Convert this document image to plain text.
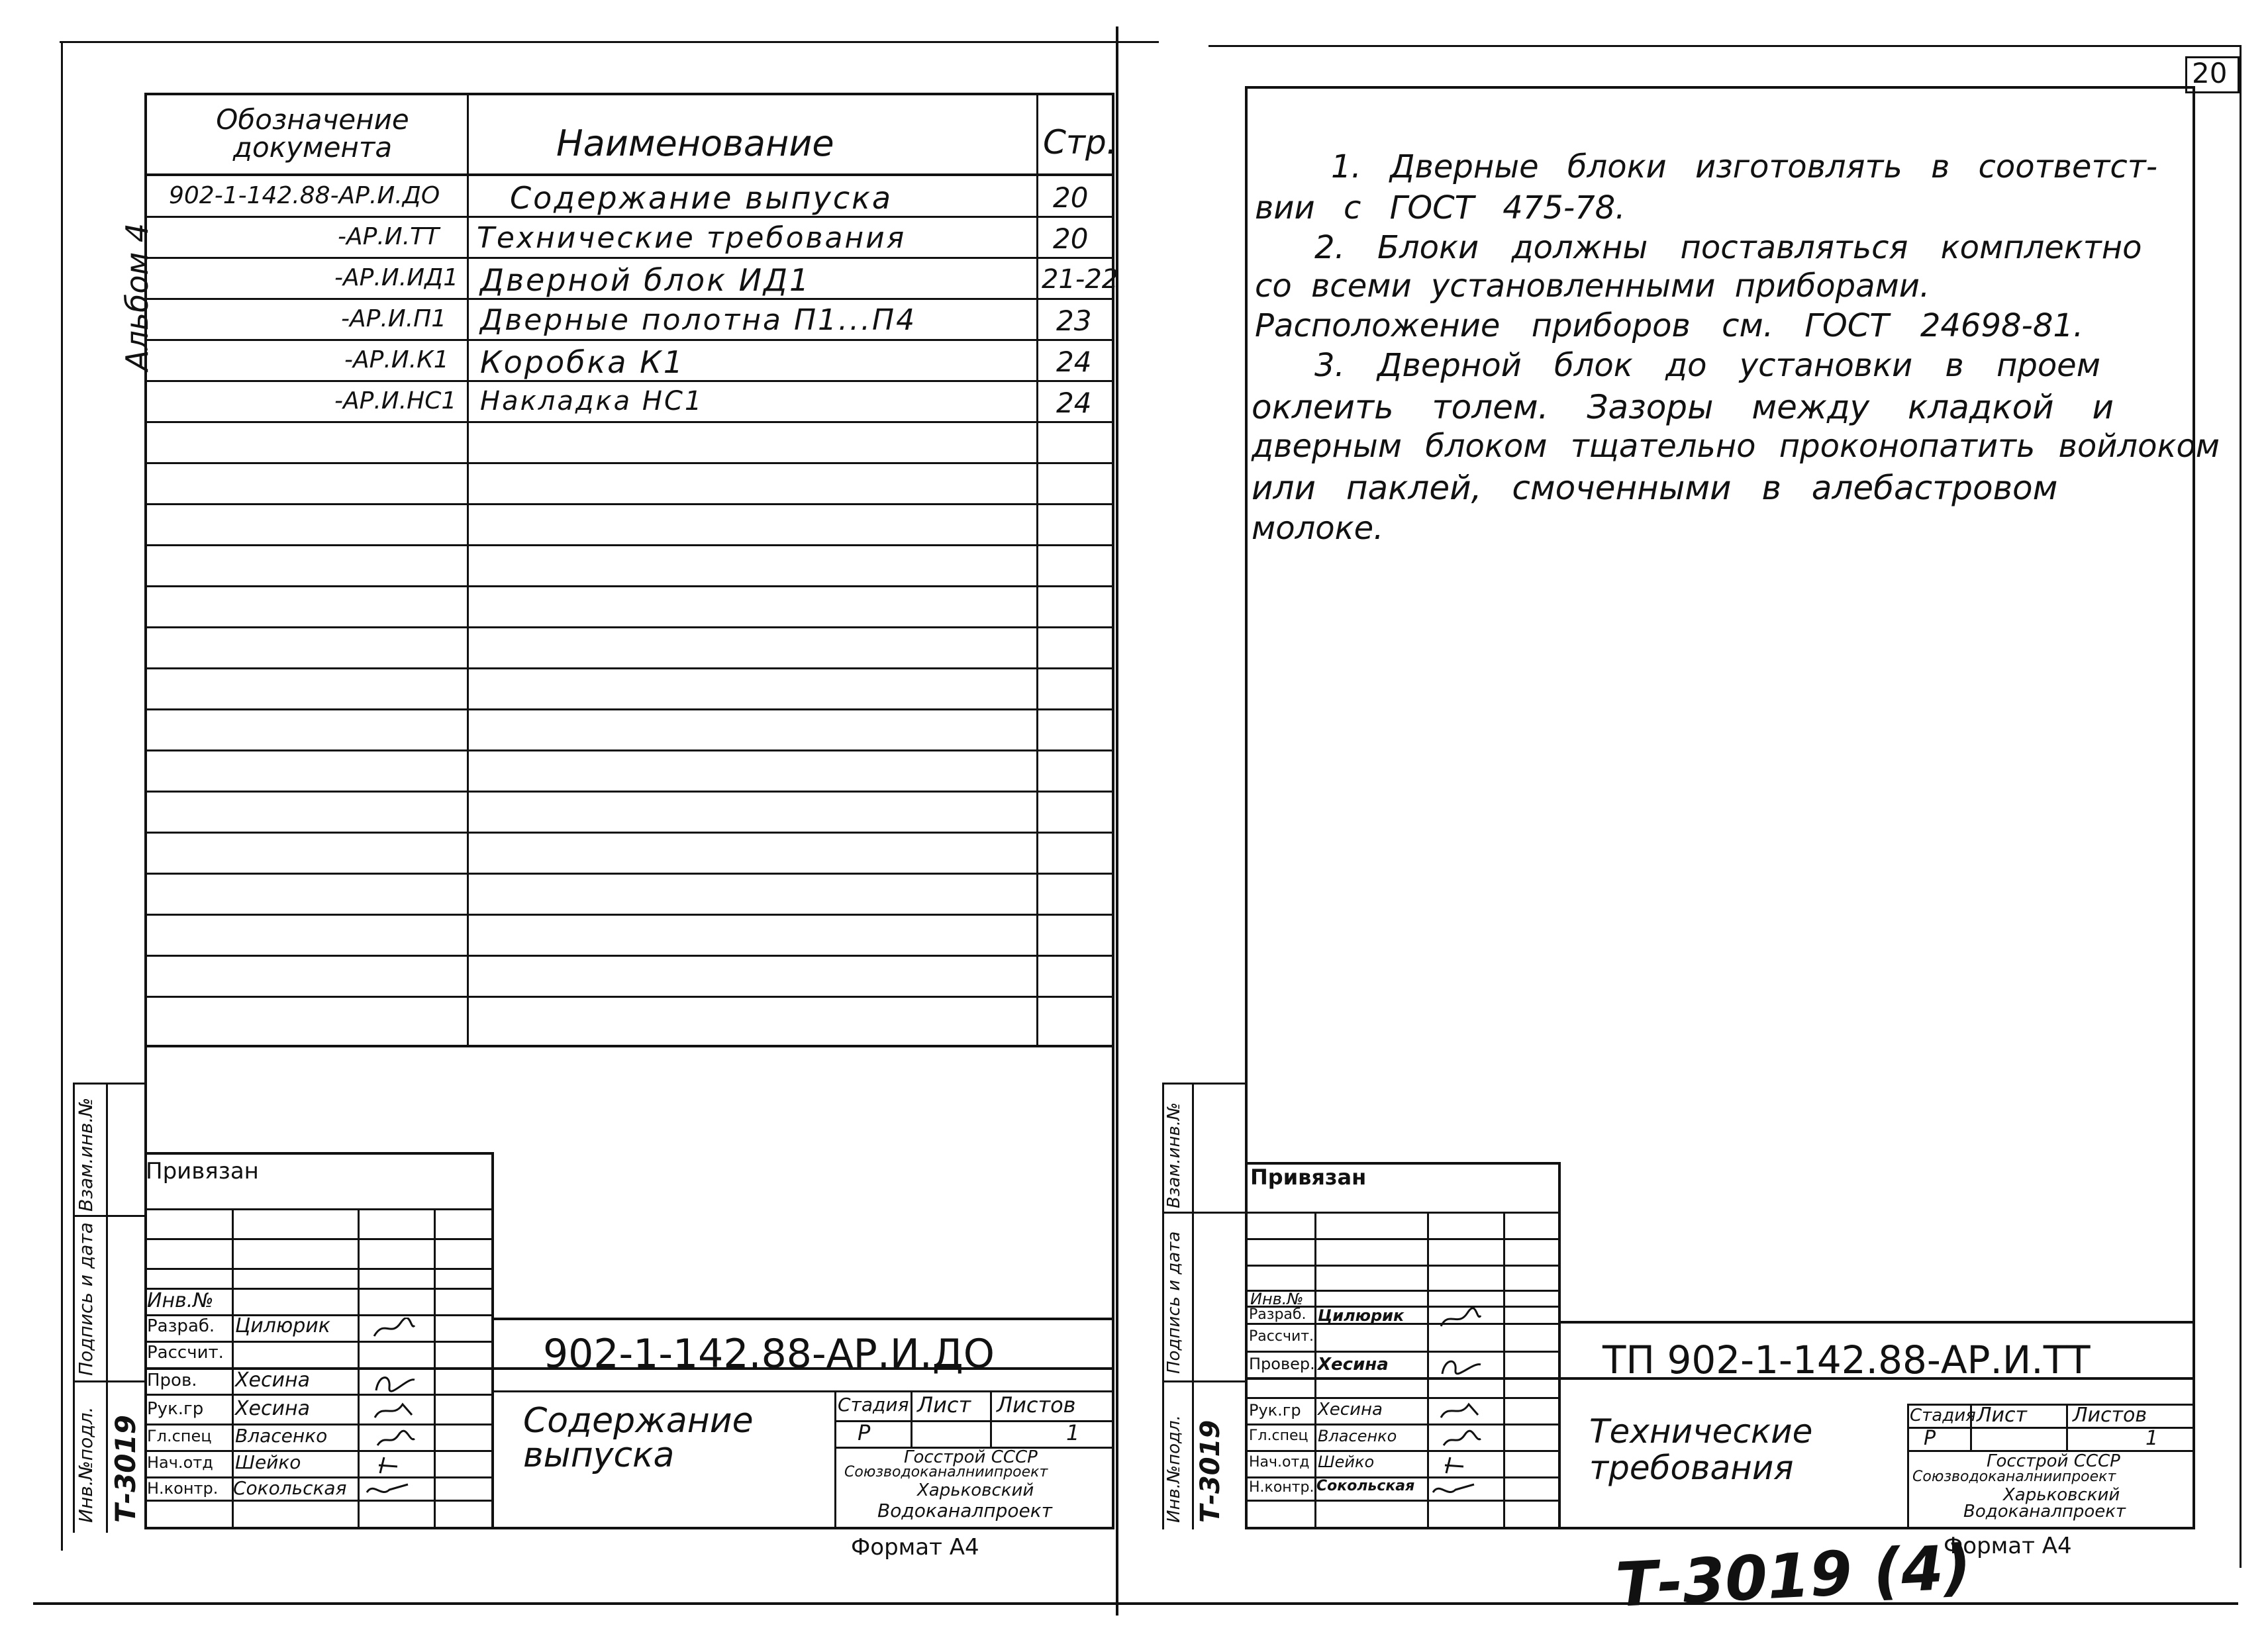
Альбом 4
Обозначение документа	Наименование	Стр.
902-1-142.88-АР.И.ДО Содержание выпуска	20
-АР.И.ТТ Технические требования	20
-АР.И.ИД1 Дверной блок ИД1	21-22
-АР.И.П1 Дверные полотна П1...П4	23
-АР.И.К1 Коробка К1	24
-АР.И.НС1 Накладка НС1	24
Взам.инв.№
Подпись и дата
Инв.№подл. Т-3019
Привязан
Инв.№
Разраб. Цилюрик
Рассчит.
Пров. Хесина
Рук.гр Хесина
Гл.спец Власенко
Нач.отд Шейко
Н.контр. Сокольская
902-1-142.88-АР.И.ДО
Содержание выпуска
Стадия Лист Листов
Р	1
Госстрой СССР
Союзводоканалниипроект
Харьковский
Водоканалпроект
Формат А4
20
1. Дверные блоки изготовлять в соответст-
вии с ГОСТ 475-78.
2. Блоки должны поставляться комплектно
со всеми установленными приборами.
Расположение приборов см. ГОСТ 24698-81.
3. Дверной блок до установки в проем
оклеить толем. Зазоры между кладкой и
дверным блоком тщательно проконопатить войлоком
или паклей, смоченными в алебастровом
молоке.
Взам.инв.№
Подпись и дата
Инв.№подл. Т-3019
Привязан
Инв.№
Разраб. Цилюрик
Рассчит.
Провер. Хесина
Рук.гр Хесина
Гл.спец Власенко
Нач.отд Шейко
Н.контр. Сокольская
ТП 902-1-142.88-АР.И.ТТ
Технические требования
Стадия Лист Листов
Р	1
Госстрой СССР
Союзводоканалниипроект
Харьковский
Водоканалпроект
Формат А4
Т-3019 (4)
